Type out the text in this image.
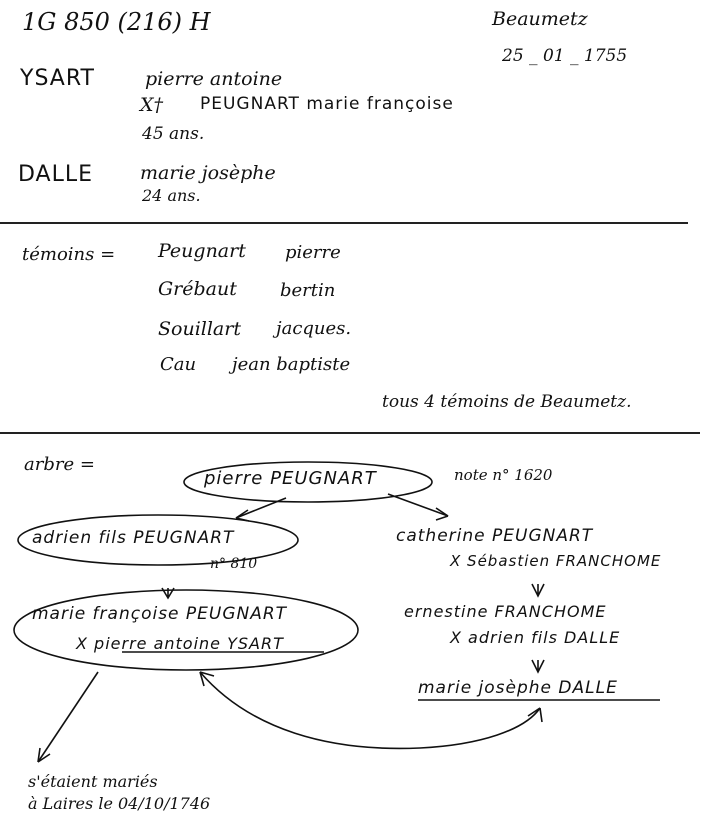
1G 850 (216) H	Beaumetz
25 _ 01 _ 1755
YSART	pierre antoine
X† PEUGNART marie françoise
45 ans.
DALLE marie josèphe
24 ans.
témoins = Peugnart pierre
Grébaut bertin
Souillart jacques.
Cau jean baptiste
tous 4 témoins de Beaumetz.
arbre =
pierre PEUGNART	note n° 1620
adrien fils PEUGNART
n° 810
marie françoise PEUGNART
X pierre antoine YSART
catherine PEUGNART
X Sébastien FRANCHOME
ernestine FRANCHOME
X adrien fils DALLE
marie josèphe DALLE
s'étaient mariés
à Laires le 04/10/1746
